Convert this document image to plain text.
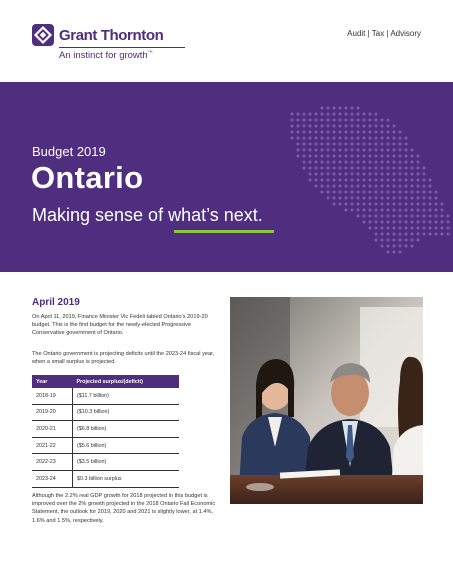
Grant Thornton
An instinct for growth™
Audit | Tax | Advisory
Budget 2019
Ontario
Making sense of what’s next.
April 2019
On April 11, 2019, Finance Minister Vic Fedeli tabled Ontario’s 2019-20 budget. This is the first budget for the newly-elected Progressive Conservative government of Ontario.
The Ontario government is projecting deficits until the 2023-24 fiscal year, when a small surplus is projected.
Year	Projected surplus/(deficit)
2018-19	($11.7 billion)
2019-20	($10.3 billion)
2020-21	($6.8 billion)
2021-22	($5.6 billion)
2022-23	($3.5 billion)
2023-24	$0.3 billion surplus
Although the 2.2% real GDP growth for 2018 projected in this budget is improved over the 2% growth projected in the 2018 Ontario Fall Economic Statement, the outlook for 2019, 2020 and 2021 is slightly lower, at 1.4%, 1.6% and 1.5%, respectively.
